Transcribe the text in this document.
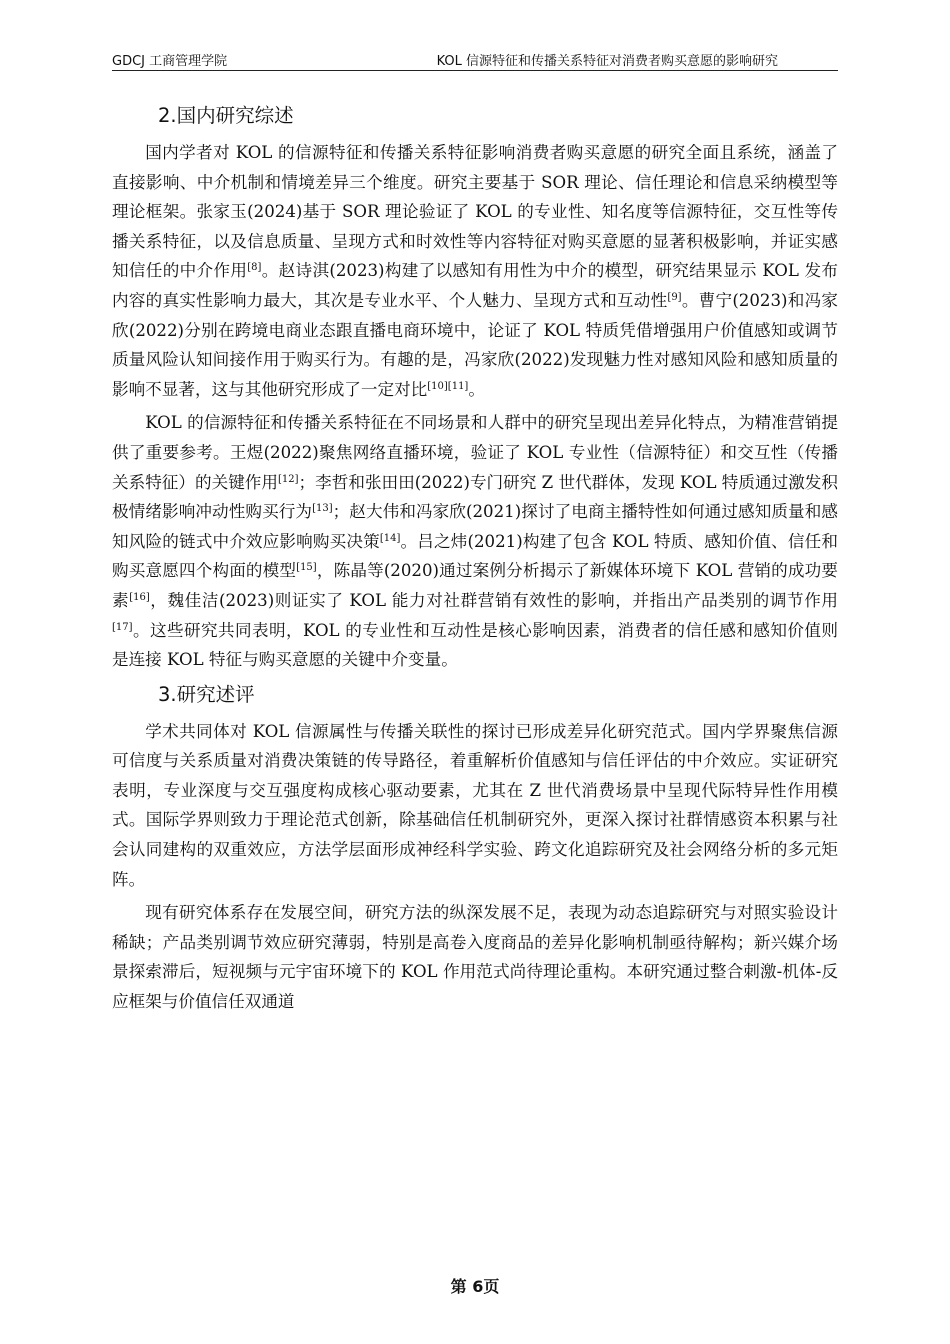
GDCJ 工商管理学院	KOL 信源特征和传播关系特征对消费者购买意愿的影响研究
2.国内研究综述

国内学者对 KOL 的信源特征和传播关系特征影响消费者购买意愿的研究全面且系统，涵盖了直接影响、中介机制和情境差异三个维度。研究主要基于 SOR 理论、信任理论和信息采纳模型等理论框架。张家玉(2024)基于 SOR 理论验证了 KOL 的专业性、知名度等信源特征，交互性等传播关系特征，以及信息质量、呈现方式和时效性等内容特征对购买意愿的显著积极影响，并证实感知信任的中介作用[8]。赵诗淇(2023)构建了以感知有用性为中介的模型，研究结果显示 KOL 发布内容的真实性影响力最大，其次是专业水平、个人魅力、呈现方式和互动性[9]。曹宁(2023)和冯家欣(2022)分别在跨境电商业态跟直播电商环境中，论证了 KOL 特质凭借增强用户价值感知或调节质量风险认知间接作用于购买行为。有趣的是，冯家欣(2022)发现魅力性对感知风险和感知质量的影响不显著，这与其他研究形成了一定对比[10][11]。

KOL 的信源特征和传播关系特征在不同场景和人群中的研究呈现出差异化特点，为精准营销提供了重要参考。王煜(2022)聚焦网络直播环境，验证了 KOL 专业性（信源特征）和交互性（传播关系特征）的关键作用[12]；李哲和张田田(2022)专门研究 Z 世代群体，发现 KOL 特质通过激发积极情绪影响冲动性购买行为[13]；赵大伟和冯家欣(2021)探讨了电商主播特性如何通过感知质量和感知风险的链式中介效应影响购买决策[14]。吕之炜(2021)构建了包含 KOL 特质、感知价值、信任和购买意愿四个构面的模型[15]，陈晶等(2020)通过案例分析揭示了新媒体环境下 KOL 营销的成功要素[16]，魏佳洁(2023)则证实了 KOL 能力对社群营销有效性的影响，并指出产品类别的调节作用[17]。这些研究共同表明，KOL 的专业性和互动性是核心影响因素，消费者的信任感和感知价值则是连接 KOL 特征与购买意愿的关键中介变量。

3.研究述评

学术共同体对 KOL 信源属性与传播关联性的探讨已形成差异化研究范式。国内学界聚焦信源可信度与关系质量对消费决策链的传导路径，着重解析价值感知与信任评估的中介效应。实证研究表明，专业深度与交互强度构成核心驱动要素，尤其在 Z 世代消费场景中呈现代际特异性作用模式。国际学界则致力于理论范式创新，除基础信任机制研究外，更深入探讨社群情感资本积累与社会认同建构的双重效应，方法学层面形成神经科学实验、跨文化追踪研究及社会网络分析的多元矩阵。

现有研究体系存在发展空间，研究方法的纵深发展不足，表现为动态追踪研究与对照实验设计稀缺；产品类别调节效应研究薄弱，特别是高卷入度商品的差异化影响机制亟待解构；新兴媒介场景探索滞后，短视频与元宇宙环境下的 KOL 作用范式尚待理论重构。本研究通过整合刺激-机体-反应框架与价值信任双通道

第 6页
